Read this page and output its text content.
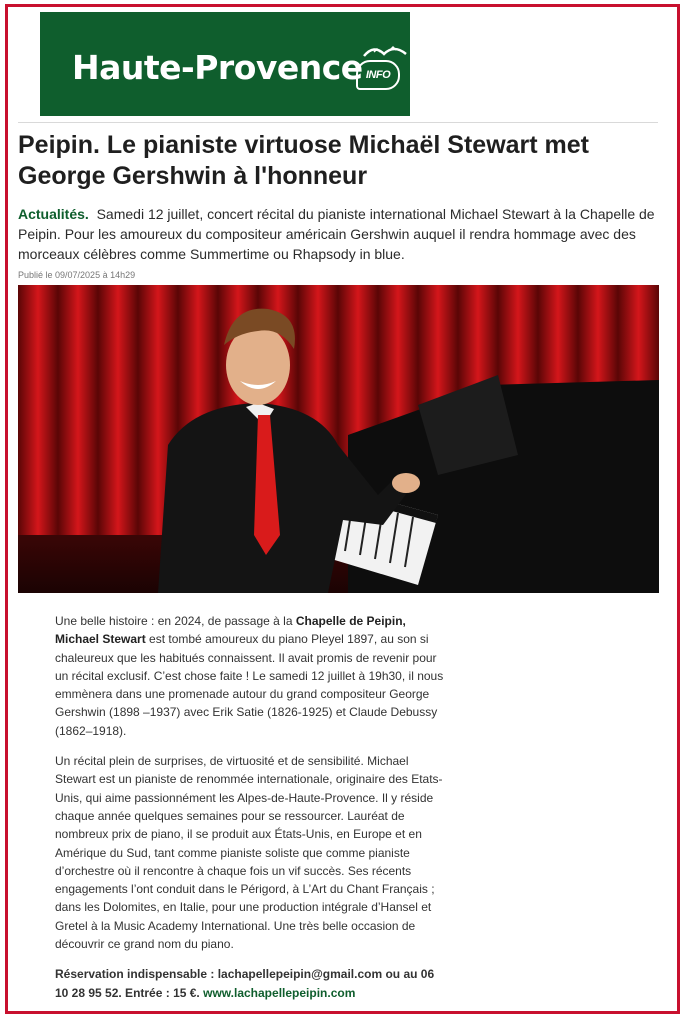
Haute-Provence INFO
Peipin. Le pianiste virtuose Michaël Stewart met George Gershwin à l'honneur

Actualités. Samedi 12 juillet, concert récital du pianiste international Michael Stewart à la Chapelle de Peipin. Pour les amoureux du compositeur américain Gershwin auquel il rendra hommage avec des morceaux célèbres comme Summertime ou Rhapsody in blue.

Publié le 09/07/2025 à 14h29

Une belle histoire : en 2024, de passage à la Chapelle de Peipin, Michael Stewart est tombé amoureux du piano Pleyel 1897, au son si chaleureux que les habitués connaissent. Il avait promis de revenir pour un récital exclusif. C’est chose faite ! Le samedi 12 juillet à 19h30, il nous emmènera dans une promenade autour du grand compositeur George Gershwin (1898 –1937) avec Erik Satie (1826-1925) et Claude Debussy (1862–1918).

Un récital plein de surprises, de virtuosité et de sensibilité. Michael Stewart est un pianiste de renommée internationale, originaire des Etats-Unis, qui aime passionnément les Alpes-de-Haute-Provence. Il y réside chaque année quelques semaines pour se ressourcer. Lauréat de nombreux prix de piano, il se produit aux États-Unis, en Europe et en Amérique du Sud, tant comme pianiste soliste que comme pianiste d’orchestre où il rencontre à chaque fois un vif succès. Ses récents engagements l’ont conduit dans le Périgord, à L’Art du Chant Français ; dans les Dolomites, en Italie, pour une production intégrale d’Hansel et Gretel à la Music Academy International. Une très belle occasion de découvrir ce grand nom du piano.

Réservation indispensable : lachapellepeipin@gmail.com ou au 06 10 28 95 52. Entrée : 15 €. www.lachapellepeipin.com
